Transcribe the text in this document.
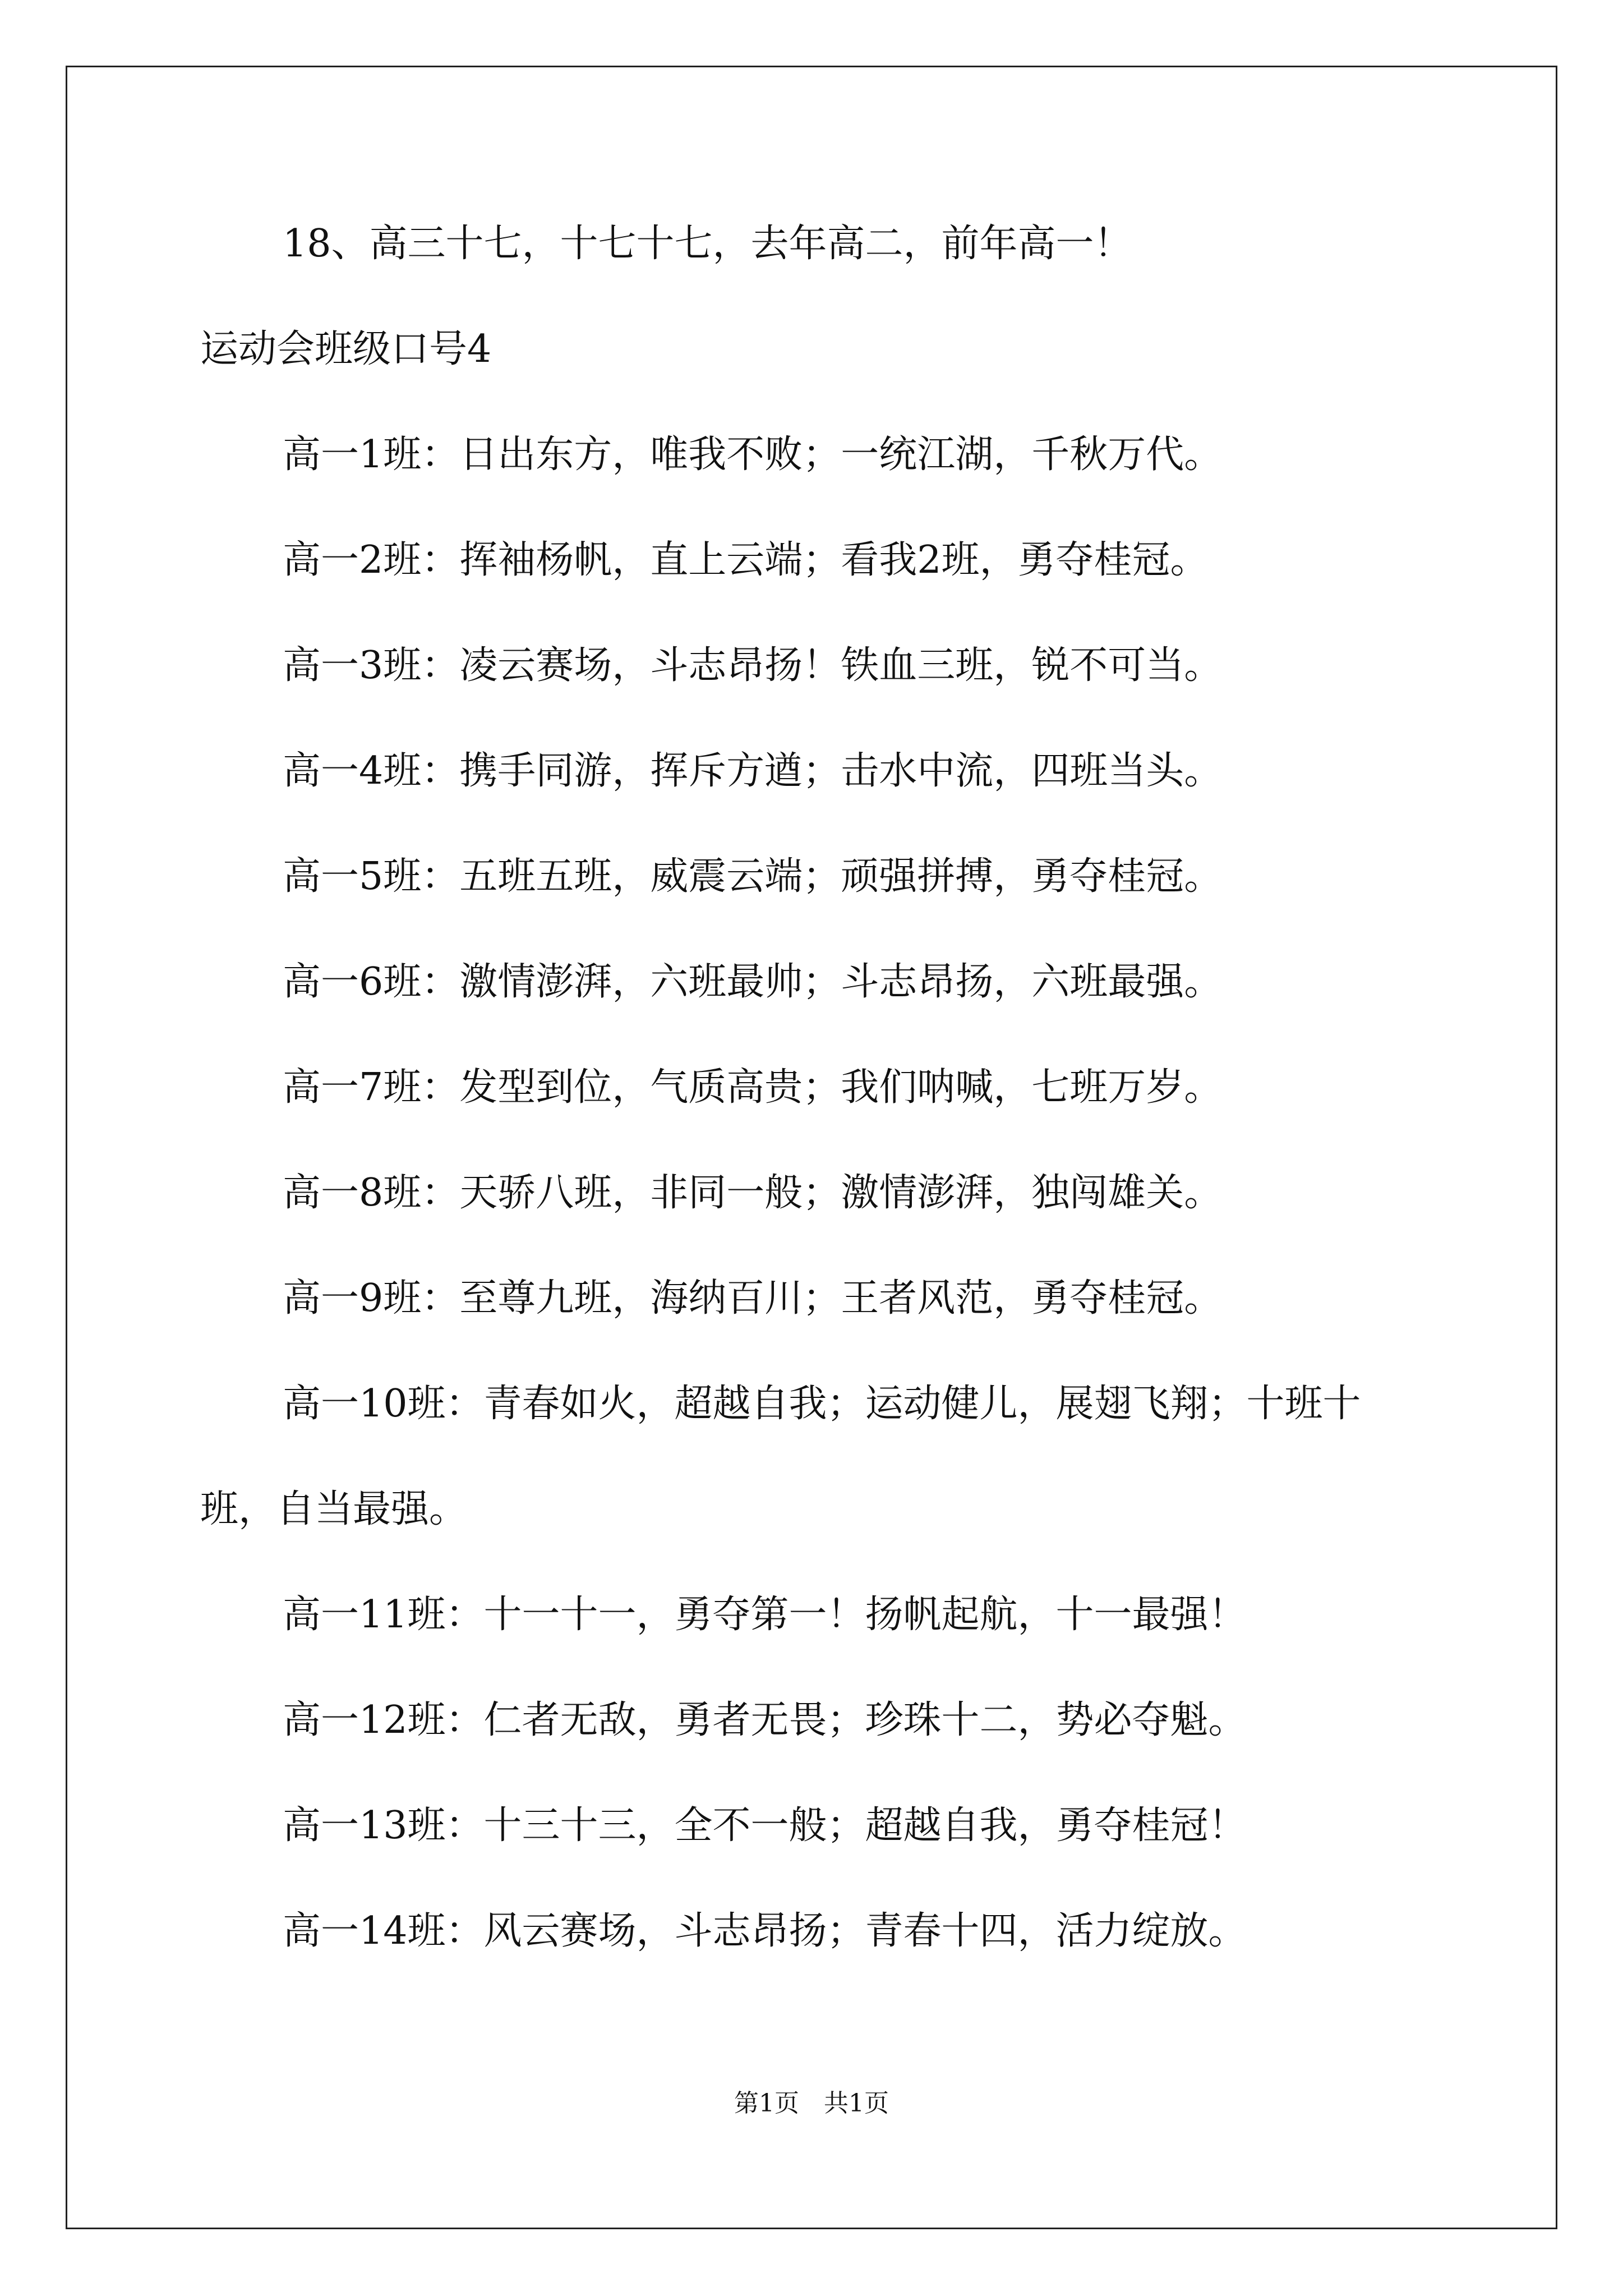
18、高三十七，十七十七，去年高二，前年高一！
运动会班级口号4
高一1班：日出东方，唯我不败；一统江湖，千秋万代。
高一2班：挥袖杨帆，直上云端；看我2班，勇夺桂冠。
高一3班：凌云赛场，斗志昂扬！铁血三班，锐不可当。
高一4班：携手同游，挥斥方遒；击水中流，四班当头。
高一5班：五班五班，威震云端；顽强拼搏，勇夺桂冠。
高一6班：激情澎湃，六班最帅；斗志昂扬，六班最强。
高一7班：发型到位，气质高贵；我们呐喊，七班万岁。
高一8班：天骄八班，非同一般；激情澎湃，独闯雄关。
高一9班：至尊九班，海纳百川；王者风范，勇夺桂冠。
高一10班：青春如火，超越自我；运动健儿，展翅飞翔；十班十
班，自当最强。
高一11班：十一十一，勇夺第一！扬帆起航，十一最强！
高一12班：仁者无敌，勇者无畏；珍珠十二，势必夺魁。
高一13班：十三十三，全不一般；超越自我，勇夺桂冠！
高一14班：风云赛场，斗志昂扬；青春十四，活力绽放。
第1页　共1页
